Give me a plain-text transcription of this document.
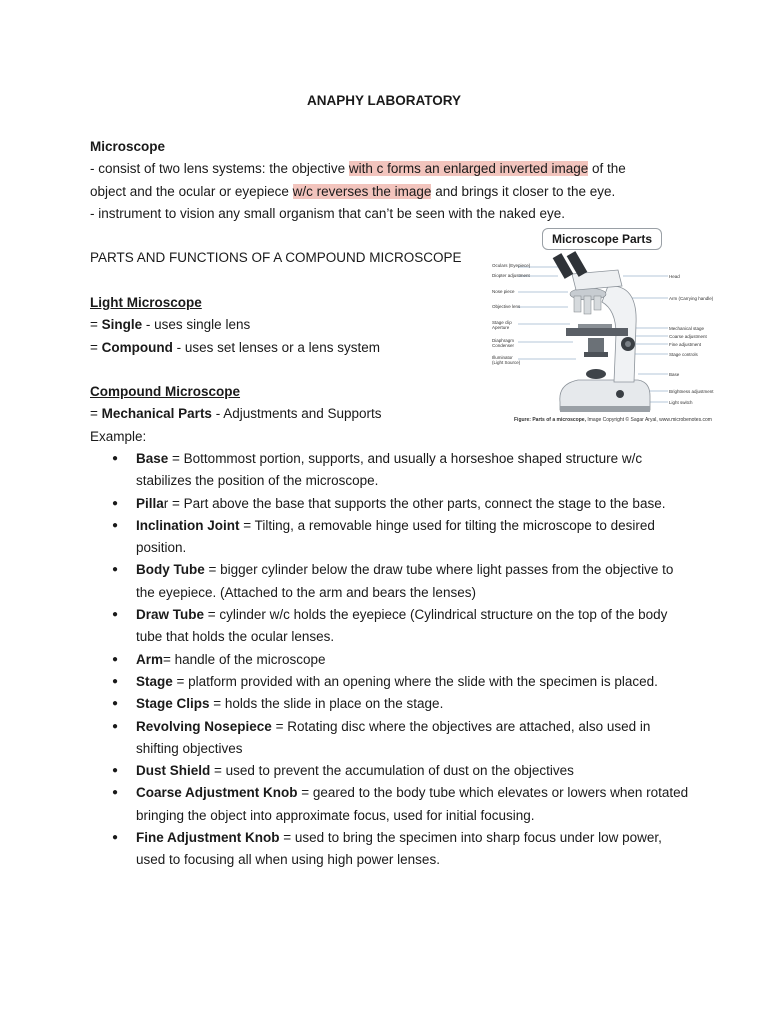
ANAPHY LABORATORY
Microscope
- consist of two lens systems: the objective with c forms an enlarged inverted image of the
object and the ocular or eyepiece w/c reverses the image and brings it closer to the eye.
- instrument to vision any small organism that can’t be seen with the naked eye.
PARTS AND FUNCTIONS OF A COMPOUND MICROSCOPE
Light Microscope
= Single - uses single lens
= Compound - uses set lenses or a lens system
Compound Microscope
= Mechanical Parts - Adjustments and Supports
Example:
● Base = Bottommost portion, supports, and usually a horseshoe shaped structure w/c stabilizes the position of the microscope.
● Pillar = Part above the base that supports the other parts, connect the stage to the base.
● Inclination Joint = Tilting, a removable hinge used for tilting the microscope to desired position.
● Body Tube = bigger cylinder below the draw tube where light passes from the objective to the eyepiece. (Attached to the arm and bears the lenses)
● Draw Tube = cylinder w/c holds the eyepiece (Cylindrical structure on the top of the body tube that holds the ocular lenses.
● Arm= handle of the microscope
● Stage = platform provided with an opening where the slide with the specimen is placed.
● Stage Clips = holds the slide in place on the stage.
● Revolving Nosepiece = Rotating disc where the objectives are attached, also used in shifting objectives
● Dust Shield = used to prevent the accumulation of dust on the objectives
● Coarse Adjustment Knob = geared to the body tube which elevates or lowers when rotated bringing the object into approximate focus, used for initial focusing.
● Fine Adjustment Knob = used to bring the specimen into sharp focus under low power, used to focusing all when using high power lenses.
Microscope Parts
Oculars (Eyepiece)
Diopter adjustment
Nose piece
Objective lens
Stage clip
Aperture
Diaphragm
Condenser
Illuminator
(Light Source)
Head
Arm (Carrying handle)
Mechanical stage
Coarse adjustment
Fine adjustment
Stage controls
Base
Brightness adjustment
Light switch
Figure: Parts of a microscope, Image Copyright © Sagar Aryal, www.microbenotes.com
